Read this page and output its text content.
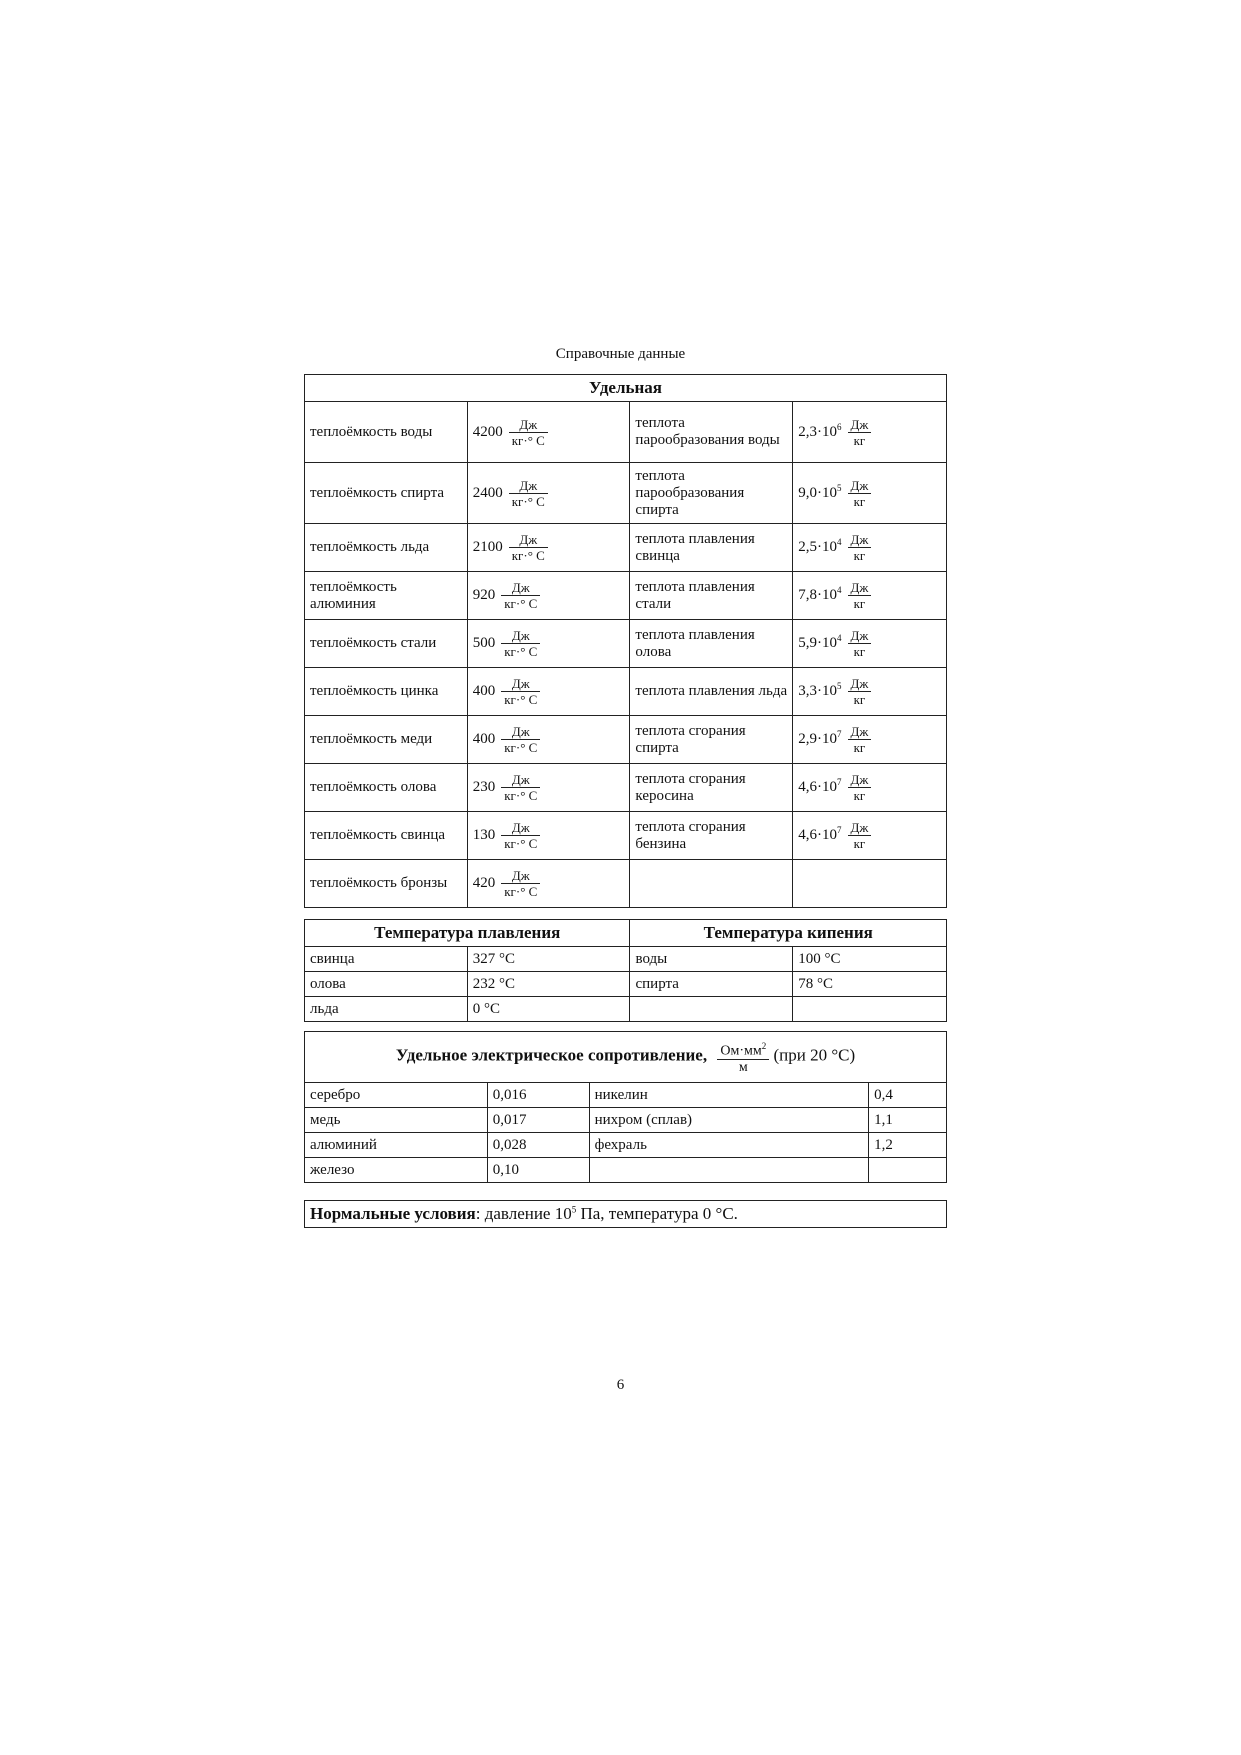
Справочные данные
Удельная			
теплоёмкость воды	$4200 \frac{Дж}{кг\cdot^\circ С}$	теплота парообразования воды	$2,3\cdot 10^6 \frac{Дж}{кг}$

теплоёмкость спирта	$2400 \frac{Дж}{кг\cdot^\circ С}$	теплота парообразования спирта	$9,0\cdot 10^5 \frac{Дж}{кг}$

теплоёмкость льда	$2100 \frac{Дж}{кг\cdot^\circ С}$	теплота плавления свинца	$2,5\cdot 10^4 \frac{Дж}{кг}$

теплоёмкость алюминия	$920 \frac{Дж}{кг\cdot^\circ С}$	теплота плавления стали	$7,8\cdot 10^4 \frac{Дж}{кг}$

теплоёмкость стали	$500 \frac{Дж}{кг\cdot^\circ С}$	теплота плавления олова	$5,9\cdot 10^4 \frac{Дж}{кг}$

теплоёмкость цинка	$400 \frac{Дж}{кг\cdot^\circ С}$	теплота плавления льда	$3,3\cdot 10^5 \frac{Дж}{кг}$

теплоёмкость меди	$400 \frac{Дж}{кг\cdot^\circ С}$	теплота сгорания спирта	$2,9\cdot 10^7 \frac{Дж}{кг}$

теплоёмкость олова	$230 \frac{Дж}{кг\cdot^\circ С}$	теплота сгорания керосина	$4,6\cdot 10^7 \frac{Дж}{кг}$

теплоёмкость свинца	$130 \frac{Дж}{кг\cdot^\circ С}$	теплота сгорания бензина	$4,6\cdot 10^7 \frac{Дж}{кг}$

теплоёмкость бронзы	$420 \frac{Дж}{кг\cdot^\circ С}$

Температура плавления		Температура кипения	
свинца	327 °С	воды	100 °С
олова	232 °С	спирта	78 °С
льда	0 °С		
Удельное электрическое сопротивление, $\frac{Ом\cdot мм^2}{м} (при$ 20 °С)			
серебро	0,016	никелин	0,4
медь	0,017	нихром (сплав)	1,1
алюминий	0,028	фехраль	1,2
железо	0,10		
Нормальные условия: давление $10^5$ Па, температура 0 °С.
6
